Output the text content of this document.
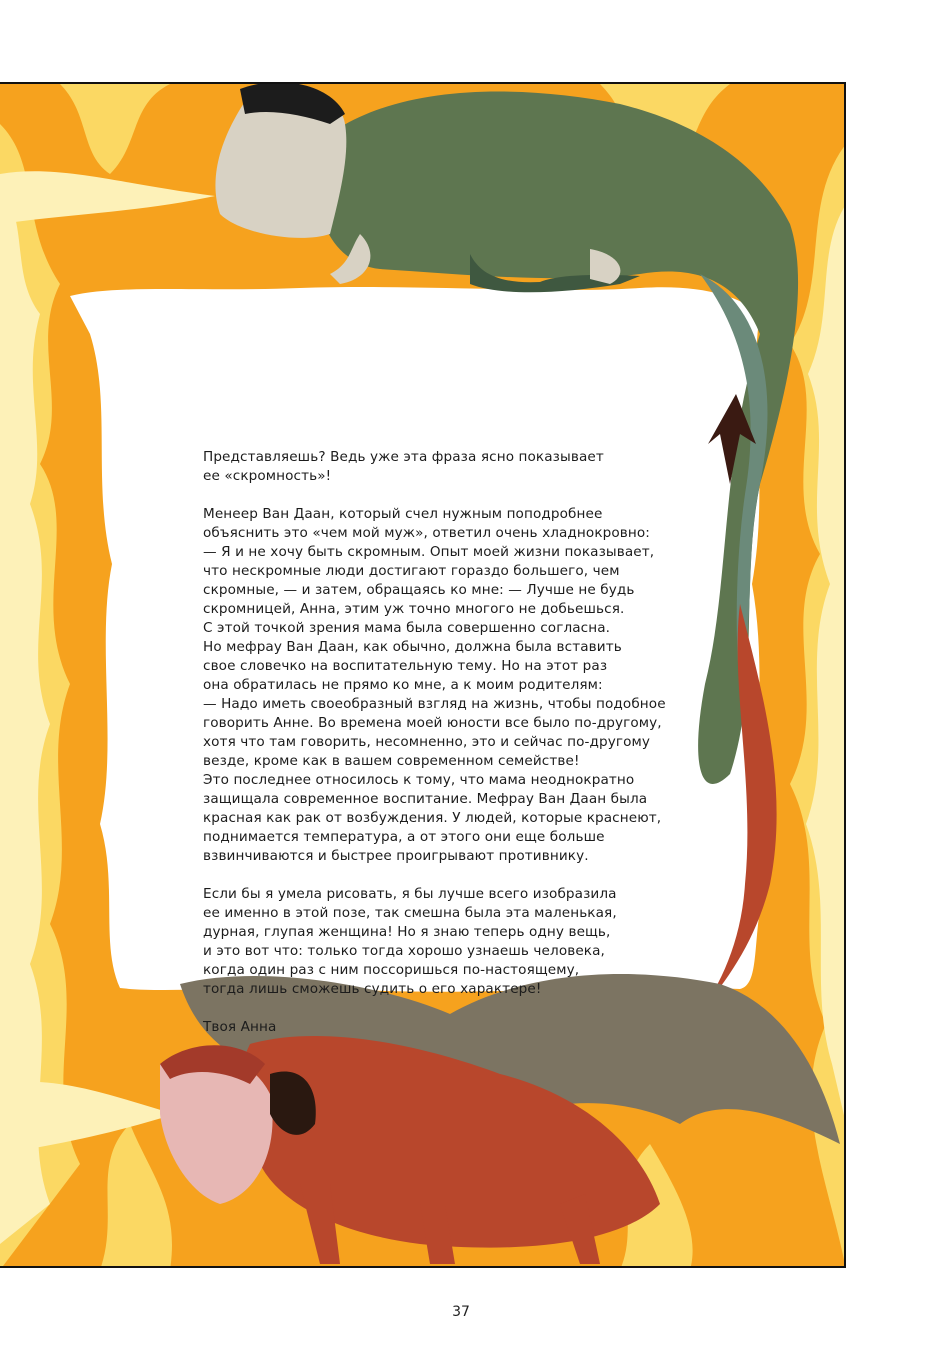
Представляешь? Ведь уже эта фраза ясно показывает
ее «скромность»!

Менеер Ван Даан, который счел нужным поподробнее
объяснить это «чем мой муж», ответил очень хладнокровно:
— Я и не хочу быть скромным. Опыт моей жизни показывает,
что нескромные люди достигают гораздо большего, чем
скромные, — и затем, обращаясь ко мне: — Лучше не будь
скромницей, Анна, этим уж точно многого не добьешься.
С этой точкой зрения мама была совершенно согласна.
Но мефрау Ван Даан, как обычно, должна была вставить
свое словечко на воспитательную тему. Но на этот раз
она обратилась не прямо ко мне, а к моим родителям:
— Надо иметь своеобразный взгляд на жизнь, чтобы подобное
говорить Анне. Во времена моей юности все было по-другому,
хотя что там говорить, несомненно, это и сейчас по-другому
везде, кроме как в вашем современном семействе!
Это последнее относилось к тому, что мама неоднократно
защищала современное воспитание. Мефрау Ван Даан была
красная как рак от возбуждения. У людей, которые краснеют,
поднимается температура, а от этого они еще больше
взвинчиваются и быстрее проигрывают противнику.

Если бы я умела рисовать, я бы лучше всего изобразила
ее именно в этой позе, так смешна была эта маленькая,
дурная, глупая женщина! Но я знаю теперь одну вещь,
и это вот что: только тогда хорошо узнаешь человека,
когда один раз с ним поссоришься по-настоящему,
тогда лишь сможешь судить о его характере!

Твоя Анна

37
